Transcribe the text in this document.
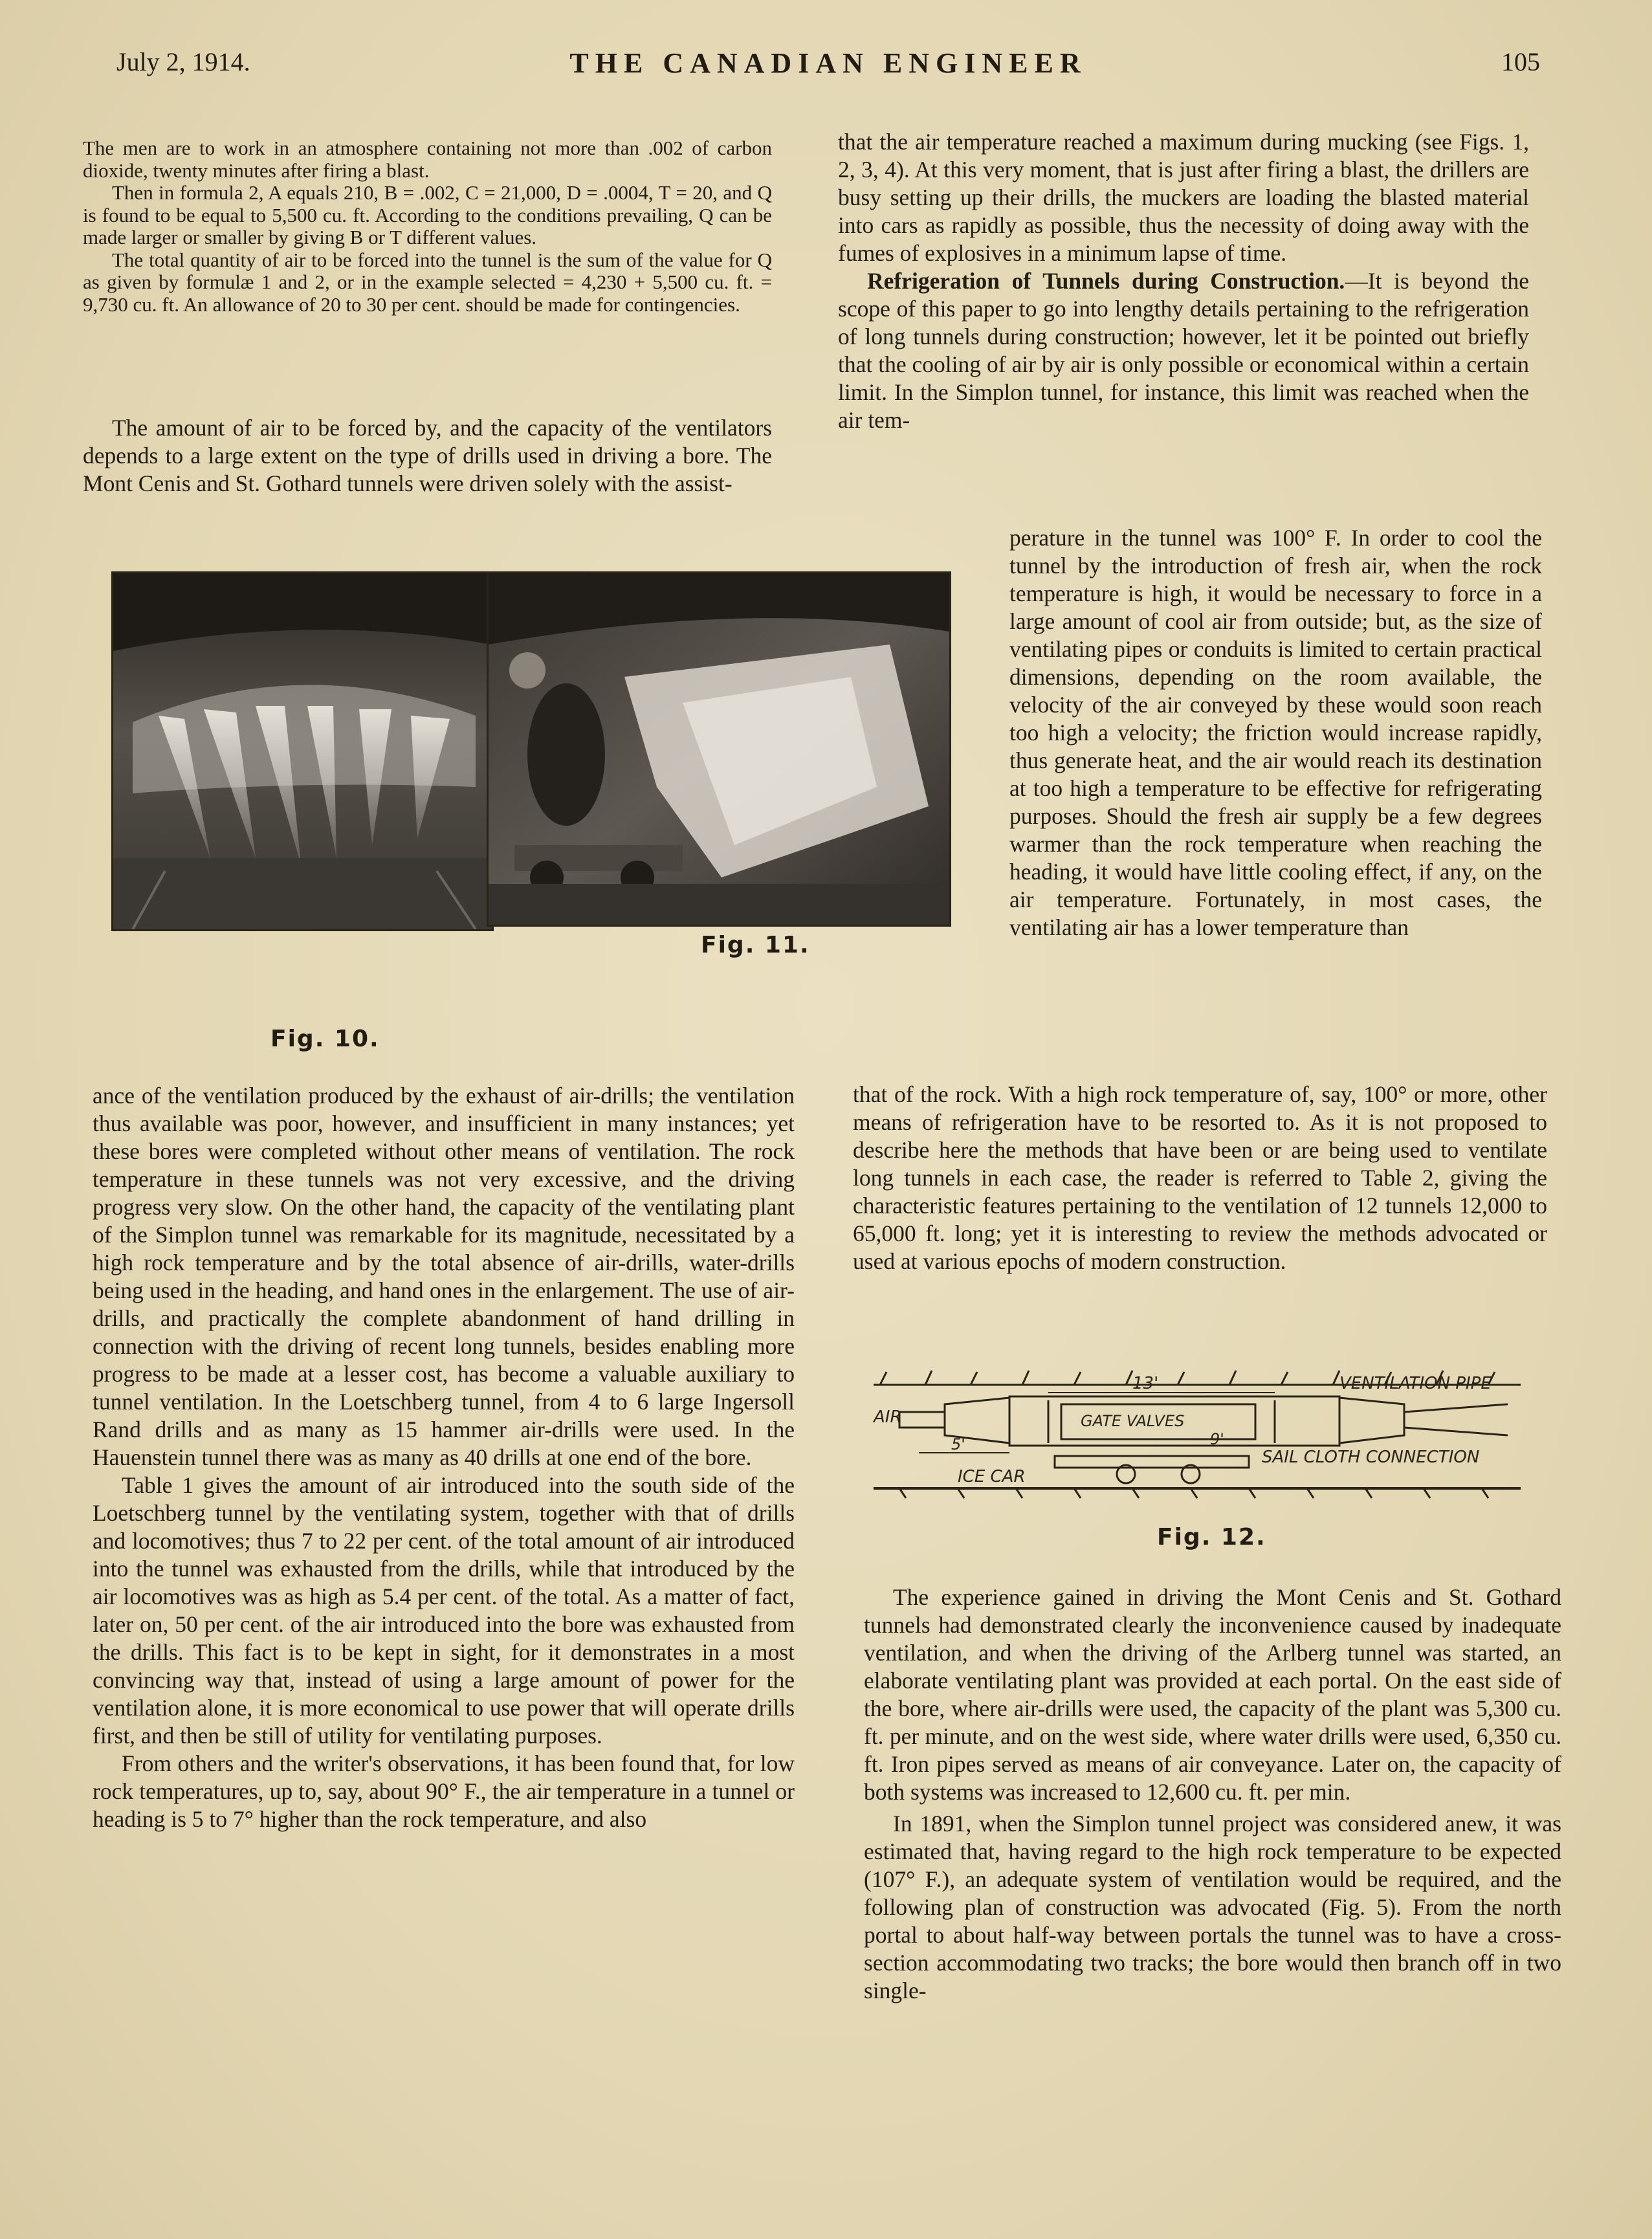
July 2, 1914.	THE CANADIAN ENGINEER	105

The men are to work in an atmosphere containing not more than .002 of carbon dioxide, twenty minutes after firing a blast.

Then in formula 2, A equals 210, B = .002, C = 21,000, D = .0004, T = 20, and Q is found to be equal to 5,500 cu. ft. According to the conditions prevailing, Q can be made larger or smaller by giving B or T different values.

The total quantity of air to be forced into the tunnel is the sum of the value for Q as given by formulæ 1 and 2, or in the example selected = 4,230 + 5,500 cu. ft. = 9,730 cu. ft. An allowance of 20 to 30 per cent. should be made for contingencies.

The amount of air to be forced by, and the capacity of the ventilators depends to a large extent on the type of drills used in driving a bore. The Mont Cenis and St. Gothard tunnels were driven solely with the assist-

Fig. 11.
Fig. 10.

ance of the ventilation produced by the exhaust of air-drills; the ventilation thus available was poor, however, and insufficient in many instances; yet these bores were completed without other means of ventilation. The rock temperature in these tunnels was not very excessive, and the driving progress very slow. On the other hand, the capacity of the ventilating plant of the Simplon tunnel was remarkable for its magnitude, necessitated by a high rock temperature and by the total absence of air-drills, water-drills being used in the heading, and hand ones in the enlargement. The use of air-drills, and practically the complete abandonment of hand drilling in connection with the driving of recent long tunnels, besides enabling more progress to be made at a lesser cost, has become a valuable auxiliary to tunnel ventilation. In the Loetschberg tunnel, from 4 to 6 large Ingersoll Rand drills and as many as 15 hammer air-drills were used. In the Hauenstein tunnel there was as many as 40 drills at one end of the bore.

Table 1 gives the amount of air introduced into the south side of the Loetschberg tunnel by the ventilating system, together with that of drills and locomotives; thus 7 to 22 per cent. of the total amount of air introduced into the tunnel was exhausted from the drills, while that introduced by the air locomotives was as high as 5.4 per cent. of the total. As a matter of fact, later on, 50 per cent. of the air introduced into the bore was exhausted from the drills. This fact is to be kept in sight, for it demonstrates in a most convincing way that, instead of using a large amount of power for the ventilation alone, it is more economical to use power that will operate drills first, and then be still of utility for ventilating purposes.

From others and the writer's observations, it has been found that, for low rock temperatures, up to, say, about 90° F., the air temperature in a tunnel or heading is 5 to 7° higher than the rock temperature, and also

that the air temperature reached a maximum during mucking (see Figs. 1, 2, 3, 4). At this very moment, that is just after firing a blast, the drillers are busy setting up their drills, the muckers are loading the blasted material into cars as rapidly as possible, thus the necessity of doing away with the fumes of explosives in a minimum lapse of time.

Refrigeration of Tunnels during Construction.—It is beyond the scope of this paper to go into lengthy details pertaining to the refrigeration of long tunnels during construction; however, let it be pointed out briefly that the cooling of air by air is only possible or economical within a certain limit. In the Simplon tunnel, for instance, this limit was reached when the air tem-

perature in the tunnel was 100° F. In order to cool the tunnel by the introduction of fresh air, when the rock temperature is high, it would be necessary to force in a large amount of cool air from outside; but, as the size of ventilating pipes or conduits is limited to certain practical dimensions, depending on the room available, the velocity of the air conveyed by these would soon reach too high a velocity; the friction would increase rapidly, thus generate heat, and the air would reach its destination at too high a temperature to be effective for refrigerating purposes. Should the fresh air supply be a few degrees warmer than the rock temperature when reaching the heading, it would have little cooling effect, if any, on the air temperature. Fortunately, in most cases, the ventilating air has a lower temperature than

that of the rock. With a high rock temperature of, say, 100° or more, other means of refrigeration have to be resorted to. As it is not proposed to describe here the methods that have been or are being used to ventilate long tunnels in each case, the reader is referred to Table 2, giving the characteristic features pertaining to the ventilation of 12 tunnels 12,000 to 65,000 ft. long; yet it is interesting to review the methods advocated or used at various epochs of modern construction.

AIR
13'	VENTILATION PIPE
GATE VALVES
9'
5'
SAIL CLOTH CONNECTION
ICE CAR
Fig. 12.

The experience gained in driving the Mont Cenis and St. Gothard tunnels had demonstrated clearly the inconvenience caused by inadequate ventilation, and when the driving of the Arlberg tunnel was started, an elaborate ventilating plant was provided at each portal. On the east side of the bore, where air-drills were used, the capacity of the plant was 5,300 cu. ft. per minute, and on the west side, where water drills were used, 6,350 cu. ft. Iron pipes served as means of air conveyance. Later on, the capacity of both systems was increased to 12,600 cu. ft. per min.

In 1891, when the Simplon tunnel project was considered anew, it was estimated that, having regard to the high rock temperature to be expected (107° F.), an adequate system of ventilation would be required, and the following plan of construction was advocated (Fig. 5). From the north portal to about half-way between portals the tunnel was to have a cross-section accommodating two tracks; the bore would then branch off in two single-
